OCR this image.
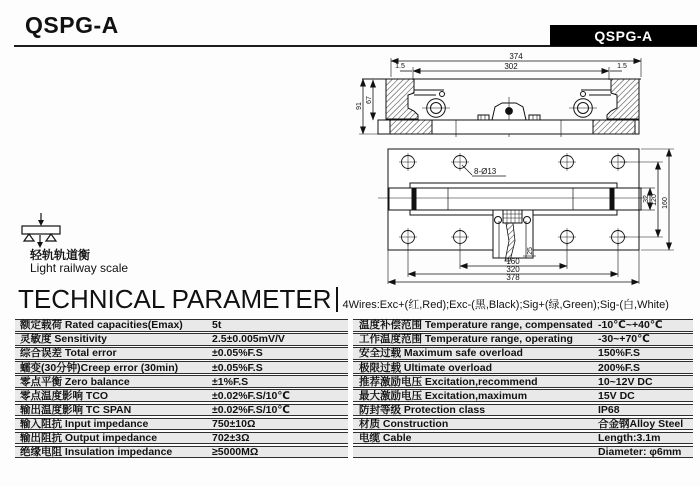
QSPG-A	QSPG-A
374
302
1.5	1.5
91
67
8-Ø13
32 120 160
25
160
320
378
轻轨轨道衡
Light railway scale
TECHNICAL PARAMETER 4Wires:Exc+(红,Red);Exc-(黑,Black);Sig+(绿,Green);Sig-(白,White)
额定载荷 Rated capacities(Emax)	5t	温度补偿范围 Temperature range, compensated -10℃~+40℃
灵敏度 Sensitivity	2.5±0.005mV/V	工作温度范围 Temperature range, operating	-30~+70℃
综合误差 Total error	±0.05%F.S	安全过载 Maximum safe overload	150%F.S
蠕变(30分钟)Creep error (30min)	±0.05%F.S	极限过载 Ultimate overload	200%F.S
零点平衡 Zero balance	±1%F.S	推荐激励电压 Excitation,recommend	10~12V DC
零点温度影响 TCO	±0.02%F.S/10℃	最大激励电压 Excitation,maximum	15V DC
输出温度影响 TC SPAN	±0.02%F.S/10℃	防封等级 Protection class	IP68
输入阻抗 Input impedance	750±10Ω	材质 Construction	合金钢Alloy Steel
输出阻抗 Output impedance	702±3Ω	电缆 Cable	Length:3.1m
绝缘电阻 Insulation impedance	≥5000MΩ	Diameter: φ6mm
